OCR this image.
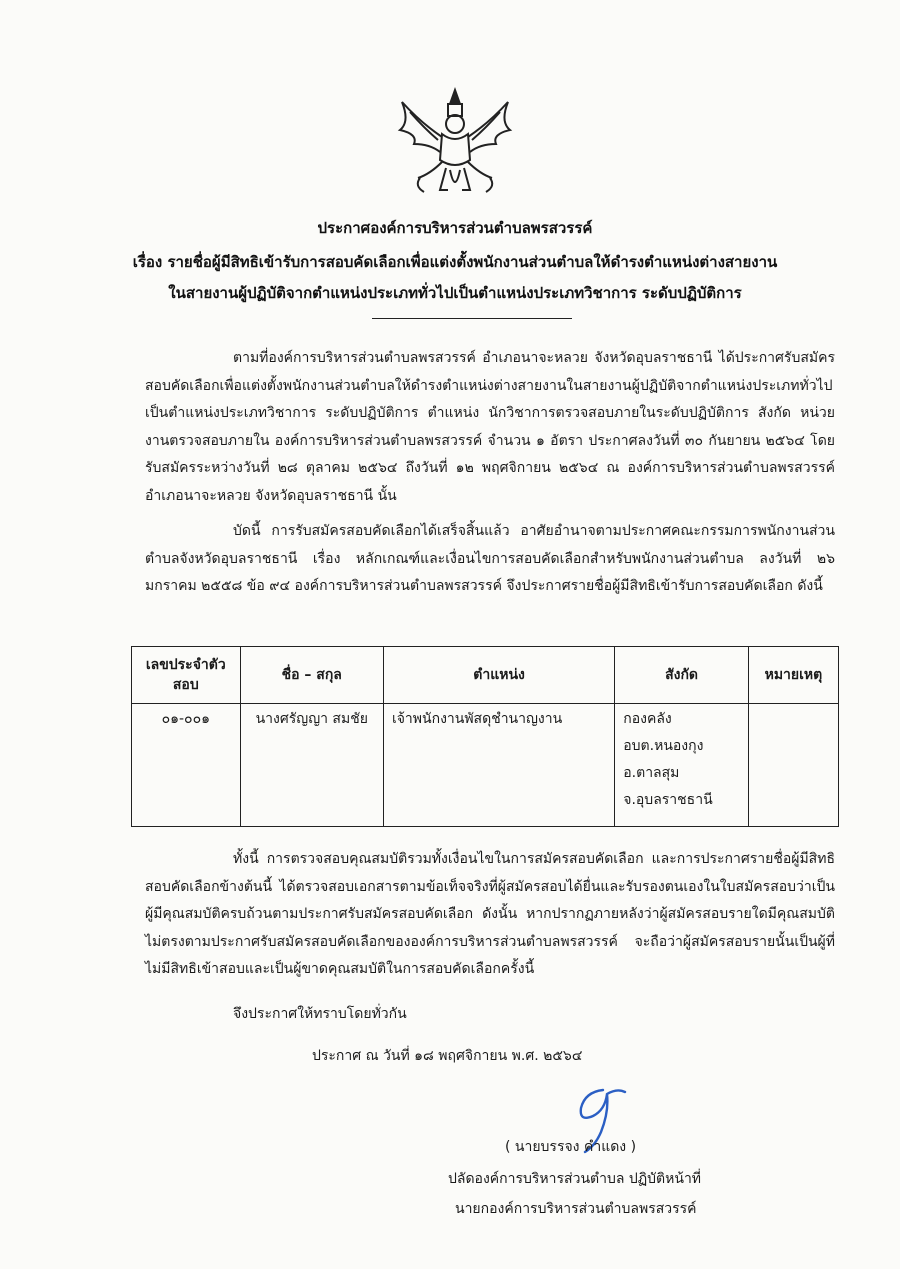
ประกาศองค์การบริหารส่วนตำบลพรสวรรค์
เรื่อง รายชื่อผู้มีสิทธิเข้ารับการสอบคัดเลือกเพื่อแต่งตั้งพนักงานส่วนตำบลให้ดำรงตำแหน่งต่างสายงาน
ในสายงานผู้ปฏิบัติจากตำแหน่งประเภททั่วไปเป็นตำแหน่งประเภทวิชาการ ระดับปฏิบัติการ
ตามที่องค์การบริหารส่วนตำบลพรสวรรค์ อำเภอนาจะหลวย จังหวัดอุบลราชธานี ได้ประกาศรับสมัครสอบคัดเลือกเพื่อแต่งตั้งพนักงานส่วนตำบลให้ดำรงตำแหน่งต่างสายงานในสายงานผู้ปฏิบัติจากตำแหน่งประเภททั่วไปเป็นตำแหน่งประเภทวิชาการ ระดับปฏิบัติการ ตำแหน่ง นักวิชาการตรวจสอบภายในระดับปฏิบัติการ สังกัด หน่วยงานตรวจสอบภายใน องค์การบริหารส่วนตำบลพรสวรรค์ จำนวน ๑ อัตรา ประกาศลงวันที่ ๓๐ กันยายน ๒๕๖๔ โดยรับสมัครระหว่างวันที่ ๒๘ ตุลาคม ๒๕๖๔ ถึงวันที่ ๑๒ พฤศจิกายน ๒๕๖๔ ณ องค์การบริหารส่วนตำบลพรสวรรค์ อำเภอนาจะหลวย จังหวัดอุบลราชธานี นั้น
บัดนี้ การรับสมัครสอบคัดเลือกได้เสร็จสิ้นแล้ว อาศัยอำนาจตามประกาศคณะกรรมการพนักงานส่วนตำบลจังหวัดอุบลราชธานี เรื่อง หลักเกณฑ์และเงื่อนไขการสอบคัดเลือกสำหรับพนักงานส่วนตำบล ลงวันที่ ๒๖ มกราคม ๒๕๕๘ ข้อ ๙๔ องค์การบริหารส่วนตำบลพรสวรรค์ จึงประกาศรายชื่อผู้มีสิทธิเข้ารับการสอบคัดเลือก ดังนี้
เลขประจำตัวสอบ	ชื่อ – สกุล	ตำแหน่ง	สังกัด	หมายเหตุ
๐๑-๐๐๑	นางศรัญญา สมชัย	เจ้าพนักงานพัสดุชำนาญงาน	กองคลัง
อบต.หนองกุง
อ.ตาลสุม
จ.อุบลราชธานี	

ทั้งนี้ การตรวจสอบคุณสมบัติรวมทั้งเงื่อนไขในการสมัครสอบคัดเลือก และการประกาศรายชื่อผู้มีสิทธิสอบคัดเลือกข้างต้นนี้ ได้ตรวจสอบเอกสารตามข้อเท็จจริงที่ผู้สมัครสอบได้ยื่นและรับรองตนเองในใบสมัครสอบว่าเป็นผู้มีคุณสมบัติครบถ้วนตามประกาศรับสมัครสอบคัดเลือก ดังนั้น หากปรากฏภายหลังว่าผู้สมัครสอบรายใดมีคุณสมบัติไม่ตรงตามประกาศรับสมัครสอบคัดเลือกขององค์การบริหารส่วนตำบลพรสวรรค์ จะถือว่าผู้สมัครสอบรายนั้นเป็นผู้ที่ไม่มีสิทธิเข้าสอบและเป็นผู้ขาดคุณสมบัติในการสอบคัดเลือกครั้งนี้
จึงประกาศให้ทราบโดยทั่วกัน
ประกาศ ณ วันที่ ๑๘ พฤศจิกายน พ.ศ. ๒๕๖๔
( นายบรรจง คำแดง )
ปลัดองค์การบริหารส่วนตำบล ปฏิบัติหน้าที่
นายกองค์การบริหารส่วนตำบลพรสวรรค์
